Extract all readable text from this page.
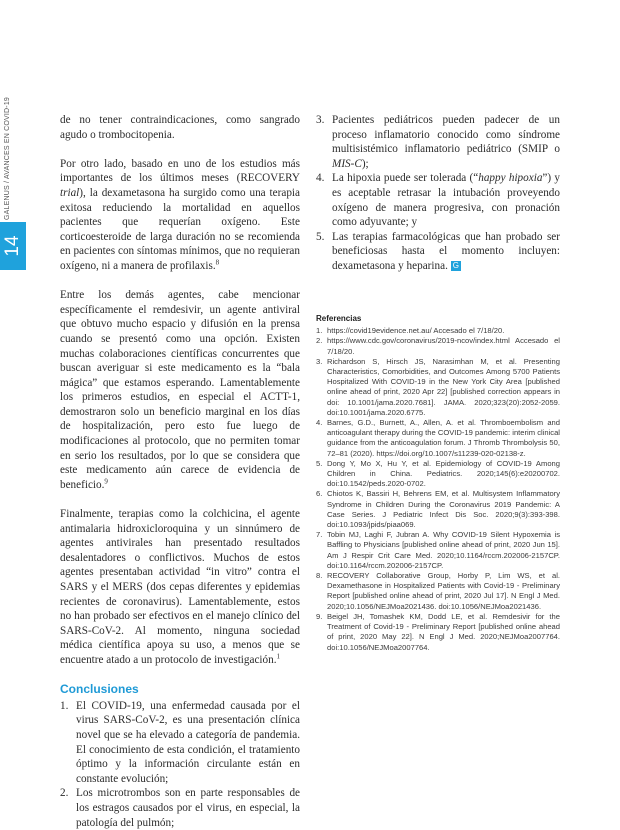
14
GALENUS / AVANCES EN COVID-19	de no tener contraindicaciones, como sangrado agudo o trombocitopenia.

Por otro lado, basado en uno de los estudios más importantes de los últimos meses (RECOVERY trial), la dexametasona ha surgido como una terapia exitosa reduciendo la mortalidad en aquellos pacientes que requerían oxígeno. Este corticoesteroide de larga duración no se recomienda en pacientes con síntomas mínimos, que no requieran oxígeno, ni a manera de profilaxis.$^8$

Entre los demás agentes, cabe mencionar específicamente el remdesivir, un agente antiviral que obtuvo mucho espacio y difusión en la prensa cuando se presentó como una opción. Existen muchas colaboraciones científicas concurrentes que buscan averiguar si este medicamento es la “bala mágica” que estamos esperando. Lamentablemente los primeros estudios, en especial el ACTT-1, demostraron solo un beneficio marginal en los días de hospitalización, pero esto fue luego de modificaciones al protocolo, que no permiten tomar en serio los resultados, por lo que se considera que este medicamento aún carece de evidencia de beneficio.$^9$

Finalmente, terapias como la colchicina, el agente antimalaria hidroxicloroquina y un sinnúmero de agentes antivirales han presentado resultados desalentadores o conflictivos. Muchos de estos agentes presentaban actividad “in vitro” contra el SARS y el MERS (dos cepas diferentes y epidemias recientes de coronavirus). Lamentablemente, estos no han probado ser efectivos en el manejo clínico del SARS-CoV-2. Al momento, ninguna sociedad médica científica apoya su uso, a menos que se encuentre atado a un protocolo de investigación.$^1$

Conclusiones
1. El COVID-19, una enfermedad causada por el virus SARS-CoV-2, es una presentación clínica novel que se ha elevado a categoría de pandemia. El conocimiento de esta condición, el tratamiento óptimo y la información circulante están en constante evolución;
2. Los microtrombos son en parte responsables de los estragos causados por el virus, en especial, la patología del pulmón;
3. Pacientes pediátricos pueden padecer de un proceso inflamatorio conocido como síndrome multisistémico inflamatorio pediátrico (SMIP o MIS-C);
4. La hipoxia puede ser tolerada (“happy hipoxia”) y es aceptable retrasar la intubación proveyendo oxígeno de manera progresiva, con pronación como adyuvante; y
5. Las terapias farmacológicas que han probado ser beneficiosas hasta el momento incluyen: dexametasona y heparina. G
Referencias
1. https://covid19evidence.net.au/ Accesado el 7/18/20.
2. https://www.cdc.gov/coronavirus/2019-ncov/index.html Accesado el 7/18/20.
3. Richardson S, Hirsch JS, Narasimhan M, et al. Presenting Characteristics, Comorbidities, and Outcomes Among 5700 Patients Hospitalized With COVID-19 in the New York City Area [published online ahead of print, 2020 Apr 22] [published correction appears in doi: 10.1001/jama.2020.7681]. JAMA. 2020;323(20):2052-2059. doi:10.1001/jama.2020.6775.
4. Barnes, G.D., Burnett, A., Allen, A. et al. Thromboembolism and anticoagulant therapy during the COVID-19 pandemic: interim clinical guidance from the anticoagulation forum. J Thromb Thrombolysis 50, 72–81 (2020). https://doi.org/10.1007/s11239-020-02138-z.
5. Dong Y, Mo X, Hu Y, et al. Epidemiology of COVID-19 Among Children in China. Pediatrics. 2020;145(6):e20200702. doi:10.1542/peds.2020-0702.
6. Chiotos K, Bassiri H, Behrens EM, et al. Multisystem Inflammatory Syndrome in Children During the Coronavirus 2019 Pandemic: A Case Series. J Pediatric Infect Dis Soc. 2020;9(3):393-398. doi:10.1093/jpids/piaa069.
7. Tobin MJ, Laghi F, Jubran A. Why COVID-19 Silent Hypoxemia is Baffling to Physicians [published online ahead of print, 2020 Jun 15]. Am J Respir Crit Care Med. 2020;10.1164/rccm.202006-2157CP. doi:10.1164/rccm.202006-2157CP.
8. RECOVERY Collaborative Group, Horby P, Lim WS, et al. Dexamethasone in Hospitalized Patients with Covid-19 - Preliminary Report [published online ahead of print, 2020 Jul 17]. N Engl J Med. 2020;10.1056/NEJMoa2021436. doi:10.1056/NEJMoa2021436.
9. Beigel JH, Tomashek KM, Dodd LE, et al. Remdesivir for the Treatment of Covid-19 - Preliminary Report [published online ahead of print, 2020 May 22]. N Engl J Med. 2020;NEJMoa2007764. doi:10.1056/NEJMoa2007764.
